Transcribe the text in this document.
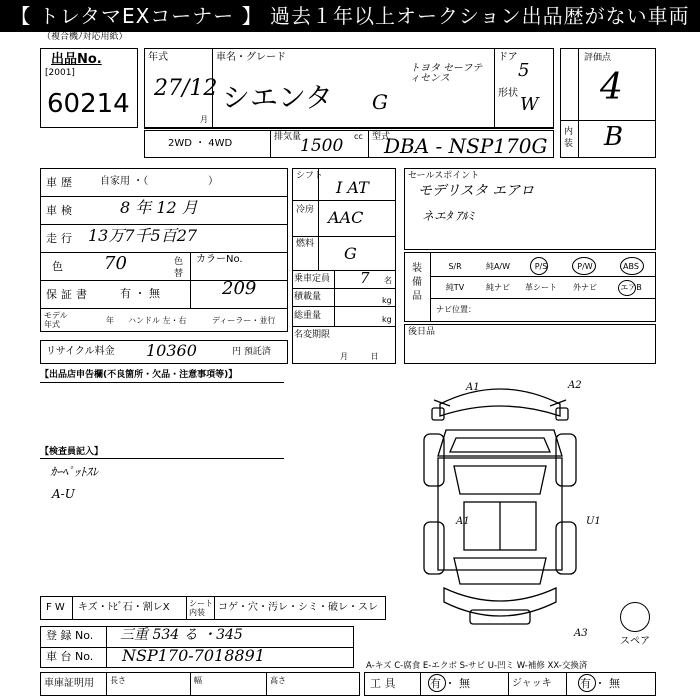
【 トレタマEXコーナー 】 過去１年以上オークション出品歴がない車両
（複合機ﾉ対応用紙）
出品No.
[2001]
60214
年式
27/12
月
車名・グレード
シエンタ G
トヨタ セーフティセンス
ドア
5
形状
W
評価点
4
内装 B
2WD ・ 4WD
排気量	cc
1500	型式
DBA - NSP170G
車歴 自家用 ・（　　　　　　）
車検	8 年 12 月
走行 13万7千5百27
色 70	色替
カラーNo.
209
保証書	有 ・ 無
モデル年式	年 ハンドル 左・右	ディーラー・並行
リサイクル料金 10360	円 預託済
シフト
I AT
冷房 AAC
燃料 G
乗車定員 7 名
積載量	kg
総重量	kg
名変期限
月 日
セールスポイント
モデリスタ エアロ
ネエﾀ ｱﾙﾐ
装備品
S/R	純A/W	P/S	P/W	ABS
純TV	純ナビ	革シート	外ナビ	エアB
ナビ位置：
後日品
【出品店申告欄(不良箇所・欠品・注意事項等)】
【検査員記入】
ｶｰﾍﾟｯﾄｽﾚ
A-U
A1	A2
A1	U1
A3
スペア
F W キズ・ﾄﾋﾞ石・割レX シート内装	コゲ・穴・汚レ・シミ・破レ・スレ
登 録 No. 三重 534 る ・345
車 台 No. NSP170-7018891
車庫証明用 長さ	幅	高さ
A-キズ C-腐食 E-エクボ S-サビ U-凹ミ W-補修 XX-交換済
工 具	有 ・ 無	ジャッキ	有 ・ 無
